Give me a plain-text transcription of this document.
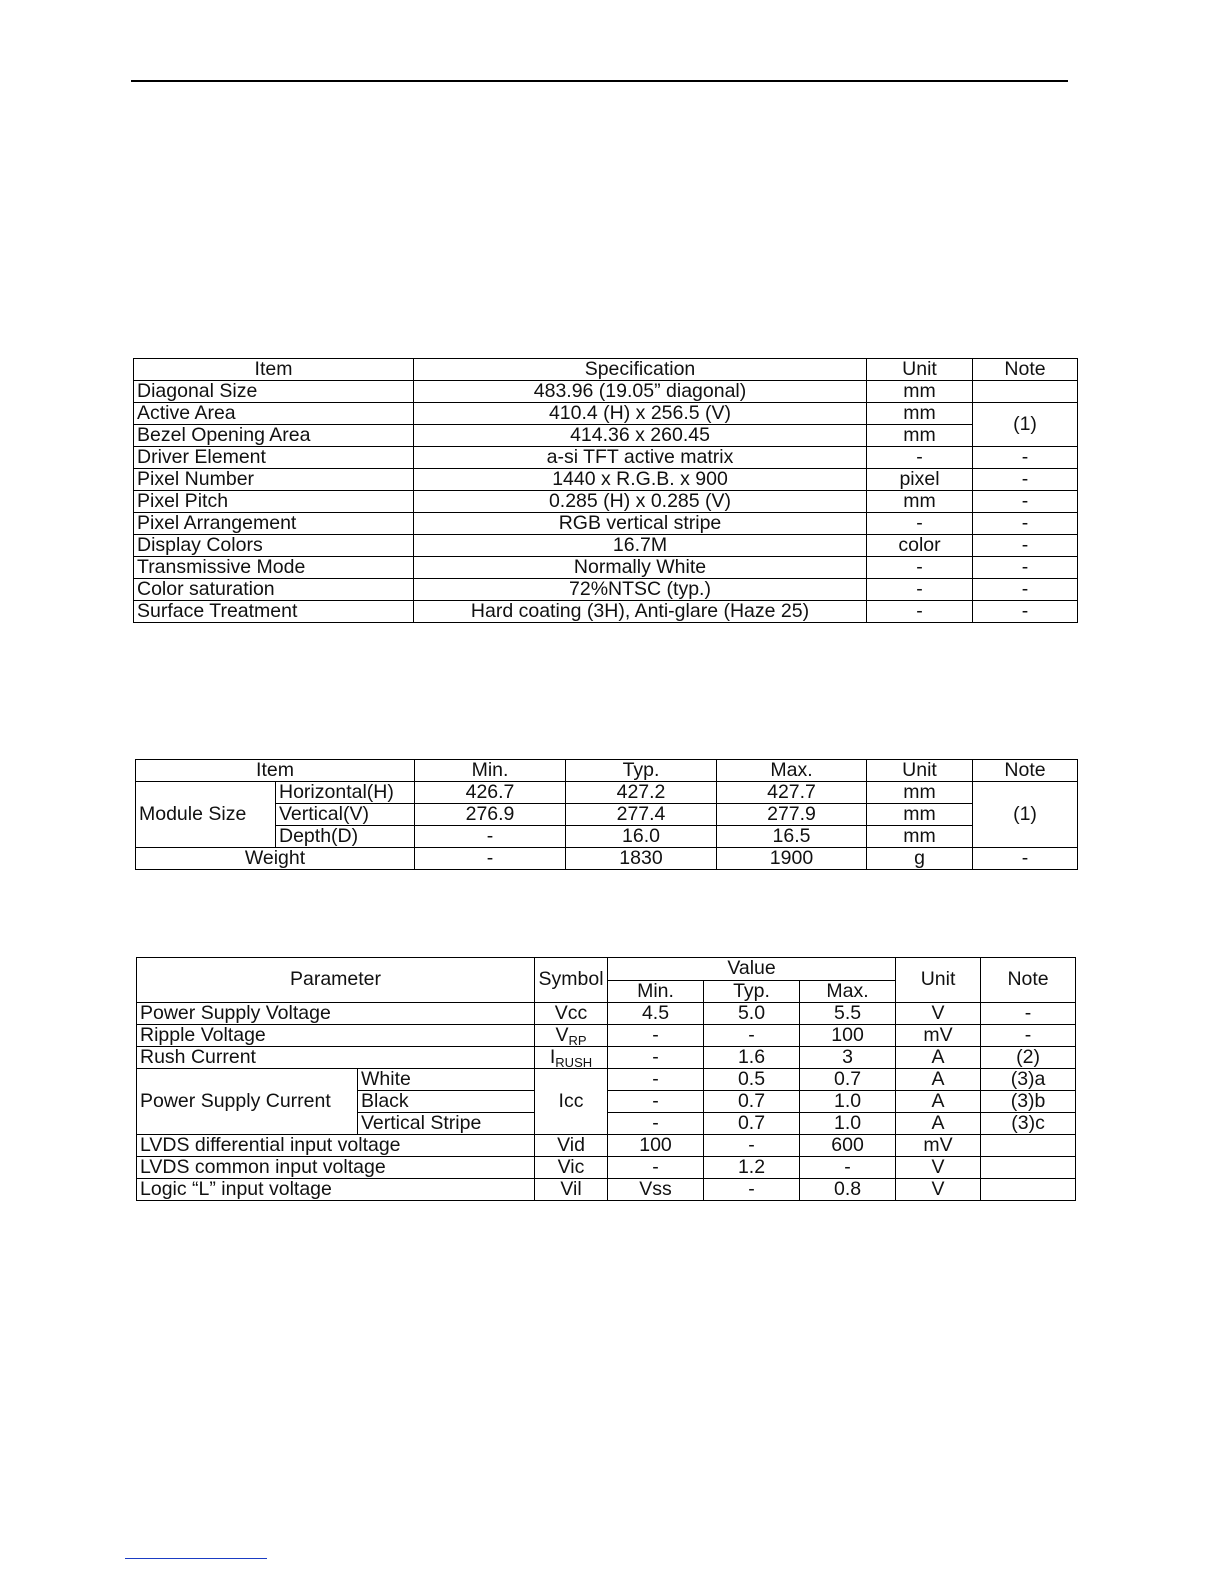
Item	Specification	Unit	Note
Diagonal Size	483.96 (19.05” diagonal)	mm	
Active Area	410.4 (H) x 256.5 (V)	mm	(1)
Bezel Opening Area	414.36 x 260.45	mm	
Driver Element	a-si TFT active matrix	-	-
Pixel Number	1440 x R.G.B. x 900	pixel	-
Pixel Pitch	0.285 (H) x 0.285 (V)	mm	-
Pixel Arrangement	RGB vertical stripe	-	-
Display Colors	16.7M	color	-
Transmissive Mode	Normally White	-	-
Color saturation	72%NTSC (typ.)	-	-
Surface Treatment	Hard coating (3H), Anti-glare (Haze 25)	-	-
Item		Min.	Typ.	Max.	Unit	Note
Module Size	Horizontal(H)	426.7	427.2	427.7	mm	(1)
	Vertical(V)	276.9	277.4	277.9	mm	
	Depth(D)	-	16.0	16.5	mm	
Weight		-	1830	1900	g	-
Parameter		Symbol	Value			Unit	Note
			Min.	Typ.	Max.		
Power Supply Voltage		Vcc	4.5	5.0	5.5	V	-
Ripple Voltage		$V_{RP}$	-	-	100	mV	-
Rush Current		$I_{RUSH}$	-	1.6	3	A	(2)
Power Supply Current	White	Icc	-	0.5	0.7	A	(3)a
	Black		-	0.7	1.0	A	(3)b
	Vertical Stripe		-	0.7	1.0	A	(3)c
LVDS differential input voltage		Vid	100	-	600	mV	
LVDS common input voltage		Vic	-	1.2	-	V	
Logic “L” input voltage		Vil	Vss	-	0.8	V	
